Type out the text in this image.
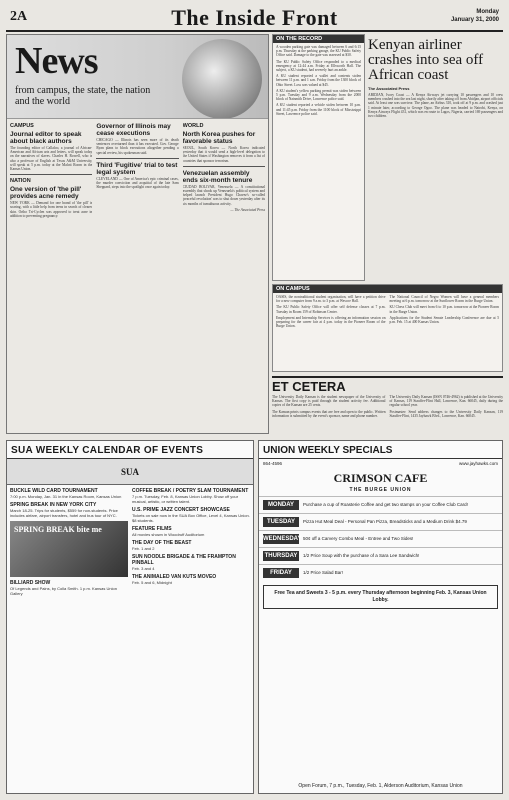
2A	The Inside Front	Monday
January 31, 2000
News
from campus, the state, the nation and the world
CAMPUS
Journal editor to speak about black authors
The founding editor of Callaloo, a journal of African-American and African arts and letters, will speak today on the narratives of slaves. Charles H. Rowell, who is also a professor of English at Texas A&M University, will speak at 5 p.m. today at the Malott Room in the Kansas Union.
NATION
One version of 'the pill' provides acne remedy
NEW YORK — Demand for one brand of 'the pill' is soaring, with a little help from teens in search of clearer skin. Ortho Tri-Cyclen was approved to treat acne in addition to preventing pregnancy.
Governor of Illinois may cease executions
CHICAGO — Illinois has seen more of its death sentences overturned than it has executed. Gov. George Ryan plans to block executions altogether pending a special review, his spokesman said.
Third 'Fugitive' trial to test legal system
CLEVELAND — One of America's epic criminal cases, the murder conviction and acquittal of the late Sam Sheppard, steps into the spotlight once again today.
WORLD
North Korea pushes for favorable status
SEOUL, South Korea — North Korea indicated yesterday that it would send a high-level delegation to the United States if Washington removes it from a list of countries that sponsor terrorism.
Venezuelan assembly ends six-month tenure
CIUDAD BOLIVAR, Venezuela — A constitutional assembly that shook up Venezuela's political system and helped launch President Hugo Chavez's so-called 'peaceful revolution' was to shut down yesterday after its six months of tumultuous activity.
— The Associated Press
ON THE RECORD

A wooden parking gate was damaged between 6 and 6:15 p.m. Thursday at the parking garage, the KU Public Safety Office said. Damage to the gate was assessed at $30.

The KU Public Safety Office responded to a medical emergency at 12:44 a.m. Friday at Ellsworth Hall. The subject, a KU student, had severely hurt an ankle.

A KU student reported a wallet and contents stolen between 11 p.m. and 1 a.m. Friday from the 1300 block of Ohio Street. Loss was valued at $45.

A KU student's yellow parking permit was stolen between 5 p.m. Tuesday and 9 a.m. Wednesday from the 2000 block of Naismith Drive, Lawrence police said.

A KU student reported a vehicle stolen between 10 p.m. and 11:45 p.m. Friday from the 1100 block of Mississippi Street, Lawrence police said.

Kenyan airliner crashes into sea off African coast
The Associated Press
ABIDJAN, Ivory Coast — A Kenya Airways jet carrying 10 passengers and 10 crew members crashed into the sea last night, shortly after taking off from Abidjan, airport officials said. At least one was survivor. The plane, an Airbus 310, took off at 9 p.m. and crashed just 1 minute later, according to George Ogoo. The plane was headed to Nairobi, Kenya, on Kenya Airways Flight 431, which was en route to Lagos, Nigeria, carried 169 passengers and two children.
ON CAMPUS

OASIS, the nontraditional student organization, will have a petition drive for a new computer from 9 a.m. to 3 p.m. at Wescoe Hall.

The KU Public Safety Office will offer self defense classes at 7 p.m. Tuesday in Room 159 of Robinson Center.

Employment and Internship Services is offering an information session on preparing for the career fair at 4 p.m. today in the Pioneer Room of the Burge Union.

The National Council of Negro Women will have a general members meeting at 6 p.m. tomorrow at the Sunflower Room in the Burge Union.

KU Chess Club will meet from 6 to 10 p.m. tomorrow at the Pioneer Room in the Burge Union.

Applications for the Student Senate Leadership Conference are due at 5 p.m. Feb. 15 at 400 Kansas Union.

ET CETERA

The University Daily Kansan is the student newspaper of the University of Kansas. The first copy is paid through the student activity fee. Additional copies of the Kansan are 25 cents.

The Kansan prints campus events that are free and open to the public. Written information is submitted by the event's sponsor, name and phone number.

The University Daily Kansan (ISSN 0746-4962) is published at the University of Kansas, 119 Stauffer-Flint Hall, Lawrence, Kan. 66045, daily during the regular school year.

Postmaster: Send address changes to the University Daily Kansan, 119 Stauffer-Flint, 1435 Jayhawk Blvd., Lawrence, Kan. 66045.

SUA WEEKLY CALENDAR OF EVENTS
SUA
BUCKLE WILD CARD TOURNAMENT
7:00 p.m. Monday, Jan. 31 in the Kansas Room, Kansas Union
SPRING BREAK IN NEW YORK CITY
March 18-25. Trips for students, $559 for non-students. Price includes airfare, airport transfers, hotel and bus tour of NYC.
SPRING BREAK bite me
BILLIARD SHOW
Of Legends and Pains, by Colla Smith. 1 p.m. Kansas Union Gallery
COFFEE BREAK / POETRY SLAM TOURNAMENT
7 p.m. Tuesday, Feb. 8, Kansas Union Lobby. Show off your musical, artistic, or written talent.
U.S. PRIME JAZZ CONCERT SHOWCASE
Tickets on sale now in the SUA Box Office, Level 4, Kansas Union. $8 students.
FEATURE FILMS
All movies shown in Woodruff Auditorium
THE DAY OF THE BEAST
Feb. 1 and 2
SUN NOODLE BRIGADE & THE FRAMPTON PINBALL
Feb. 3 and 4
THE ANIMALED VAN KUTS MOVEO
Feb. 5 and 6, Midnight
UNION WEEKLY SPECIALS
864-4596	www.jayhawks.com
CRIMSON CAFE
THE BURGE UNION
MONDAY	Purchase a cup of Roasterie Coffee and get two stamps on your Coffee Club Card!
TUESDAY	Pizza Hut Meal Deal - Personal Pan Pizza, Breadsticks and a Medium Drink $4.79
WEDNESDAY 50¢ off a Carvery Combo Meal - Entree and Two Sides!
THURSDAY	1/2 Price Soup with the purchase of a Sara Lee Sandwich!
FRIDAY	1/2 Price Salad Bar!
Free Tea and Sweets 3 - 5 p.m. every Thursday afternoon beginning Feb. 3, Kansas Union Lobby.
Open Forum, 7 p.m., Tuesday, Feb. 1, Alderson Auditorium, Kansas Union
